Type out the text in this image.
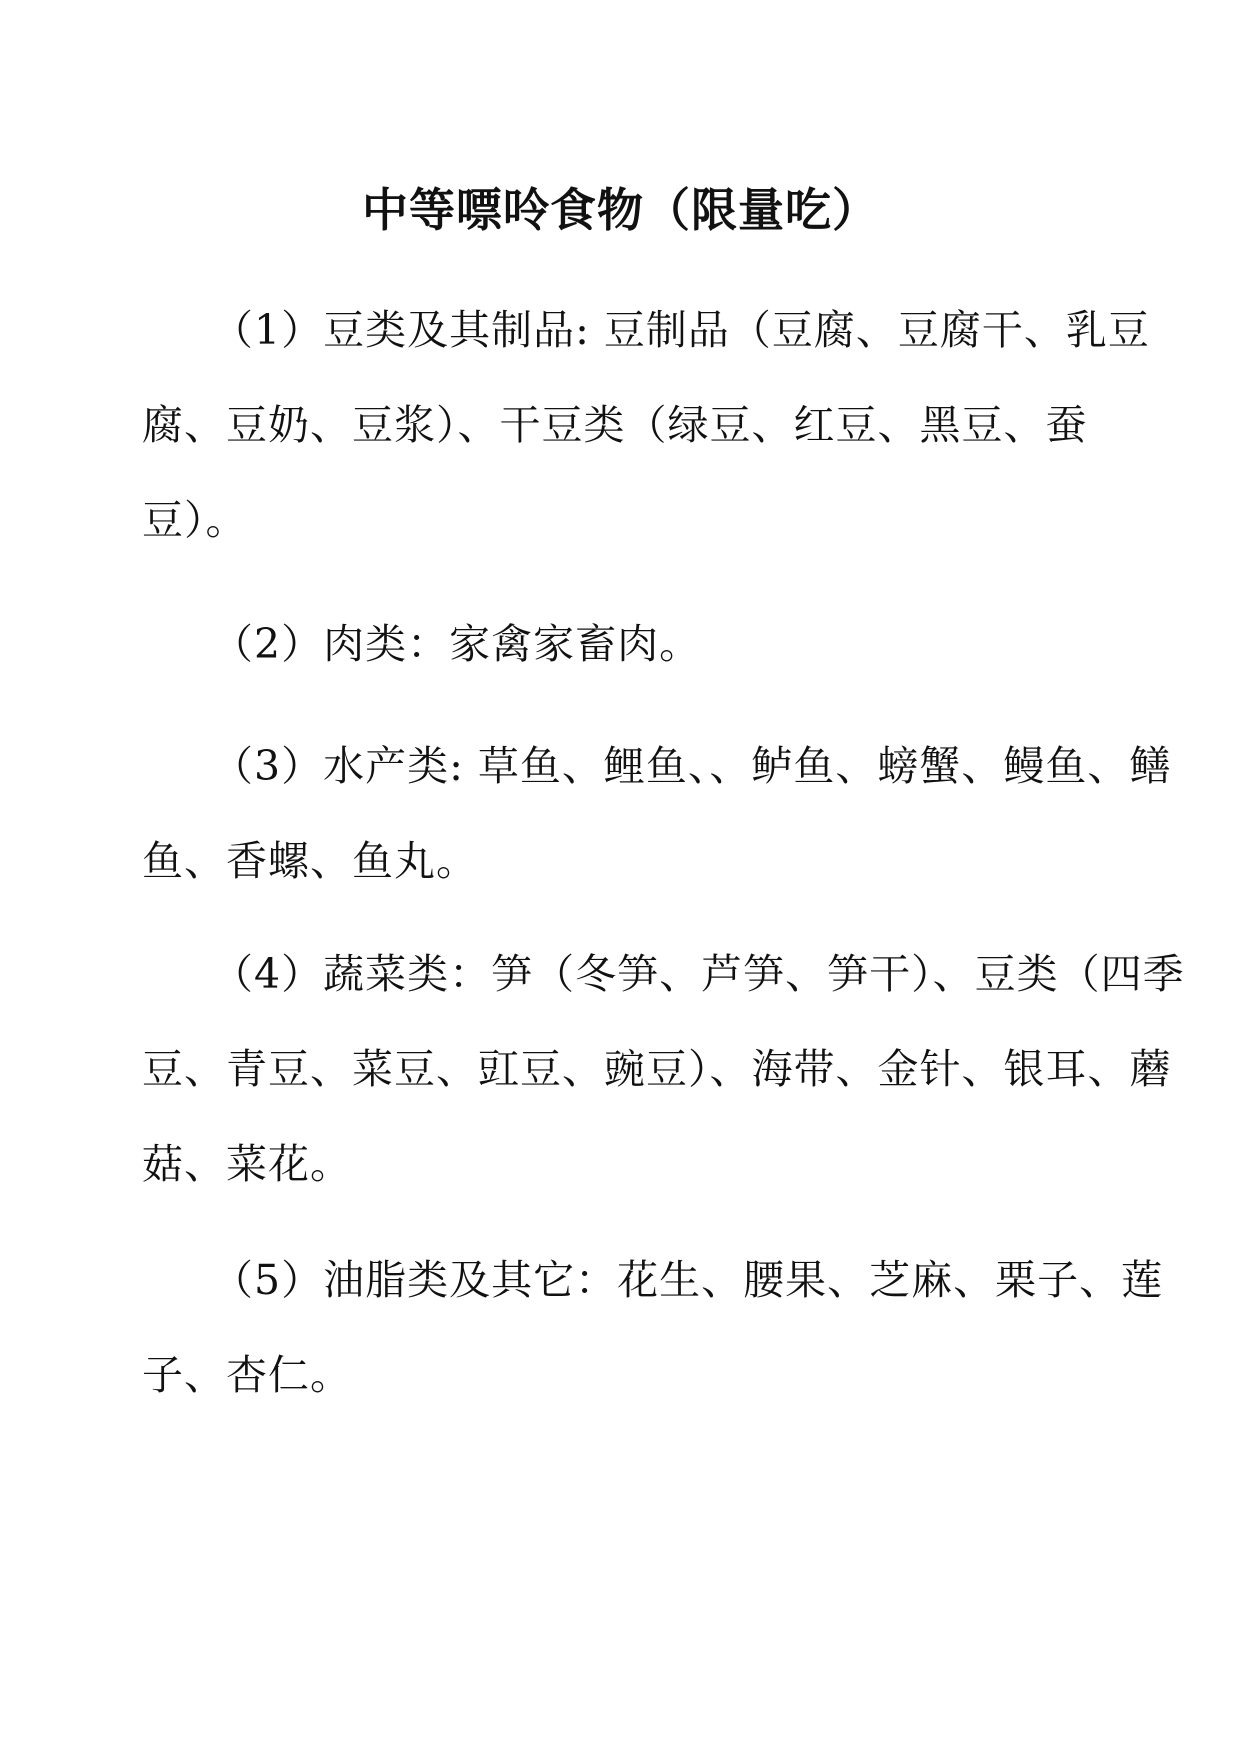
中等嘌呤食物（限量吃）

（1）豆类及其制品: 豆制品（豆腐、豆腐干、乳豆腐、豆奶、豆浆）、干豆类（绿豆、红豆、黑豆、蚕豆）。

（2）肉类：家禽家畜肉。

（3）水产类: 草鱼、鲤鱼、、鲈鱼、螃蟹、鳗鱼、鳝鱼、香螺、鱼丸。

（4）蔬菜类：笋（冬笋、芦笋、笋干）、豆类（四季豆、青豆、菜豆、豇豆、豌豆）、海带、金针、银耳、蘑菇、菜花。

（5）油脂类及其它：花生、腰果、芝麻、栗子、莲子、杏仁。
